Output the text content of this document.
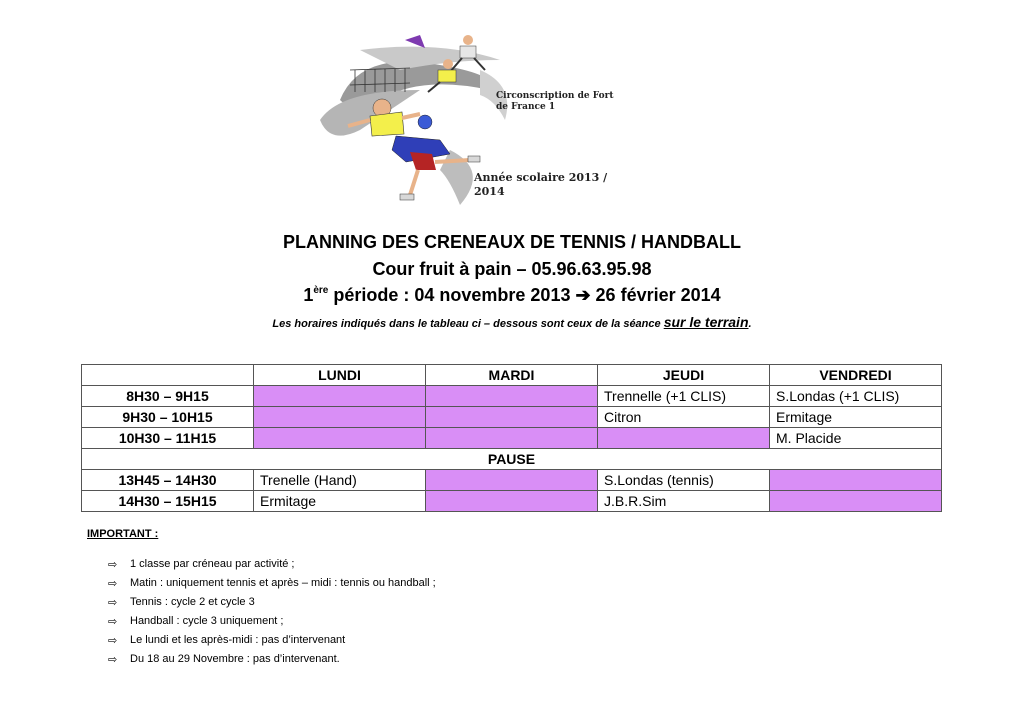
Circonscription de Fort de France 1
Année scolaire 2013 / 2014
PLANNING DES CRENEAUX DE TENNIS / HANDBALL
Cour fruit à pain – 05.96.63.95.98
1ère période : 04 novembre 2013 ➔ 26 février 2014
Les horaires indiqués dans le tableau ci – dessous sont ceux de la séance sur le terrain.
	LUNDI	MARDI	JEUDI	VENDREDI
8H30 – 9H15			Trennelle (+1 CLIS)	S.Londas (+1 CLIS)
9H30 – 10H15			Citron	Ermitage
10H30 – 11H15				M. Placide
PAUSE				
13H45 – 14H30	Trenelle (Hand)		S.Londas (tennis)	
14H30 – 15H15	Ermitage		J.B.R.Sim	
IMPORTANT :
⇨	1 classe par créneau par activité ;
⇨	Matin : uniquement tennis et après – midi : tennis ou handball ;
⇨	Tennis : cycle 2 et cycle 3
⇨	Handball : cycle 3 uniquement ;
⇨	Le lundi et les après-midi : pas d’intervenant
⇨	Du 18 au 29 Novembre : pas d’intervenant.
